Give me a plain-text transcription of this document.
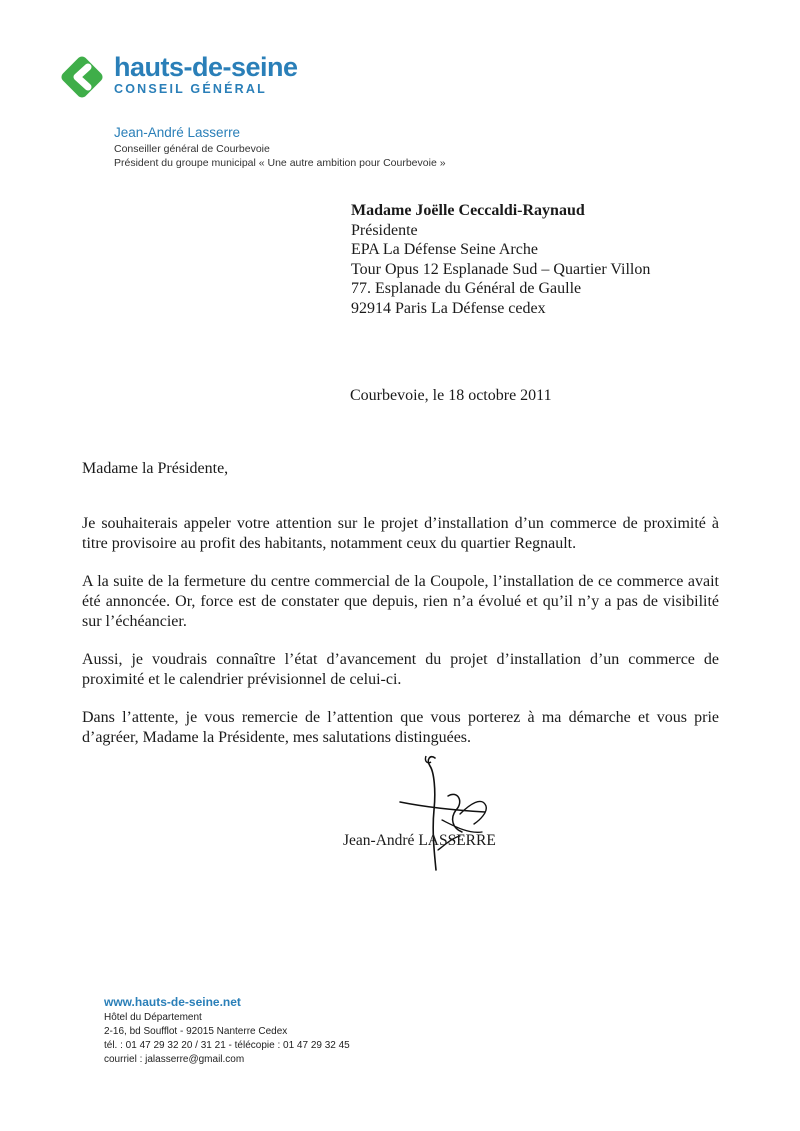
hauts-de-seine
CONSEIL GÉNÉRAL
Jean-André Lasserre
Conseiller général de Courbevoie
Président du groupe municipal « Une autre ambition pour Courbevoie »
Madame Joëlle Ceccaldi-Raynaud
Présidente
EPA La Défense Seine Arche
Tour Opus 12 Esplanade Sud – Quartier Villon
77. Esplanade du Général de Gaulle
92914 Paris La Défense cedex
Courbevoie, le 18 octobre 2011
Madame la Présidente,

Je souhaiterais appeler votre attention sur le projet d’installation d’un commerce de proximité à titre provisoire au profit des habitants, notamment ceux du quartier Regnault.

A la suite de la fermeture du centre commercial de la Coupole, l’installation de ce commerce avait été annoncée. Or, force est de constater que depuis, rien n’a évolué et qu’il n’y a pas de visibilité sur l’échéancier.

Aussi, je voudrais connaître l’état d’avancement du projet d’installation d’un commerce de proximité et le calendrier prévisionnel de celui-ci.

Dans l’attente, je vous remercie de l’attention que vous porterez à ma démarche et vous prie d’agréer, Madame la Présidente, mes salutations distinguées.

Jean-André LASSERRE
www.hauts-de-seine.net
Hôtel du Département
2-16, bd Soufflot - 92015 Nanterre Cedex
tél. : 01 47 29 32 20 / 31 21 - télécopie : 01 47 29 32 45
courriel : jalasserre@gmail.com
